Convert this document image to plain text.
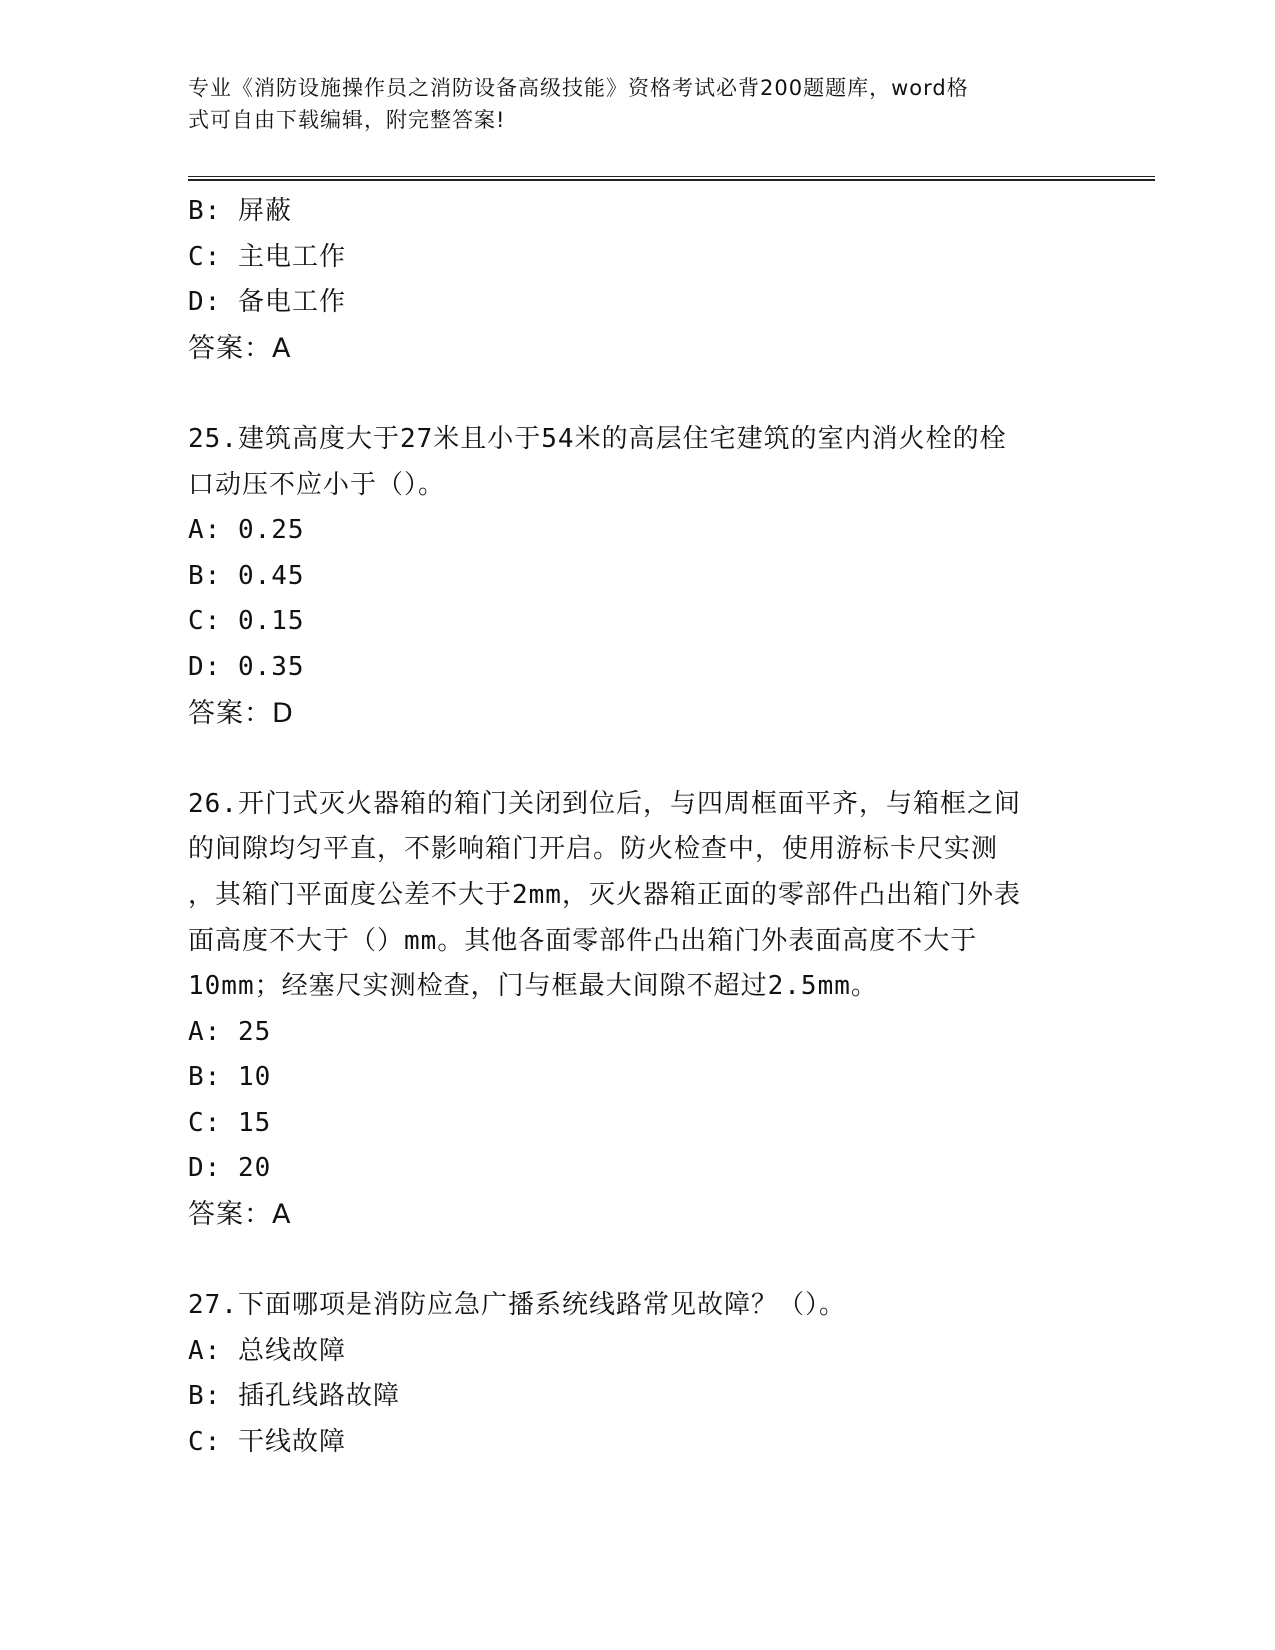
专业《消防设施操作员之消防设备高级技能》资格考试必背200题题库，word格
式可自由下载编辑，附完整答案!
B: 屏蔽
C: 主电工作
D: 备电工作
答案：A
25.建筑高度大于27米且小于54米的高层住宅建筑的室内消火栓的栓
口动压不应小于（）。
A: 0.25
B: 0.45
C: 0.15
D: 0.35
答案：D
26.开门式灭火器箱的箱门关闭到位后，与四周框面平齐，与箱框之间
的间隙均匀平直，不影响箱门开启。防火检查中，使用游标卡尺实测
，其箱门平面度公差不大于2mm，灭火器箱正面的零部件凸出箱门外表
面高度不大于（）mm。其他各面零部件凸出箱门外表面高度不大于
10mm；经塞尺实测检查，门与框最大间隙不超过2.5mm。
A: 25
B: 10
C: 15
D: 20
答案：A
27.下面哪项是消防应急广播系统线路常见故障？（）。
A: 总线故障
B: 插孔线路故障
C: 干线故障
